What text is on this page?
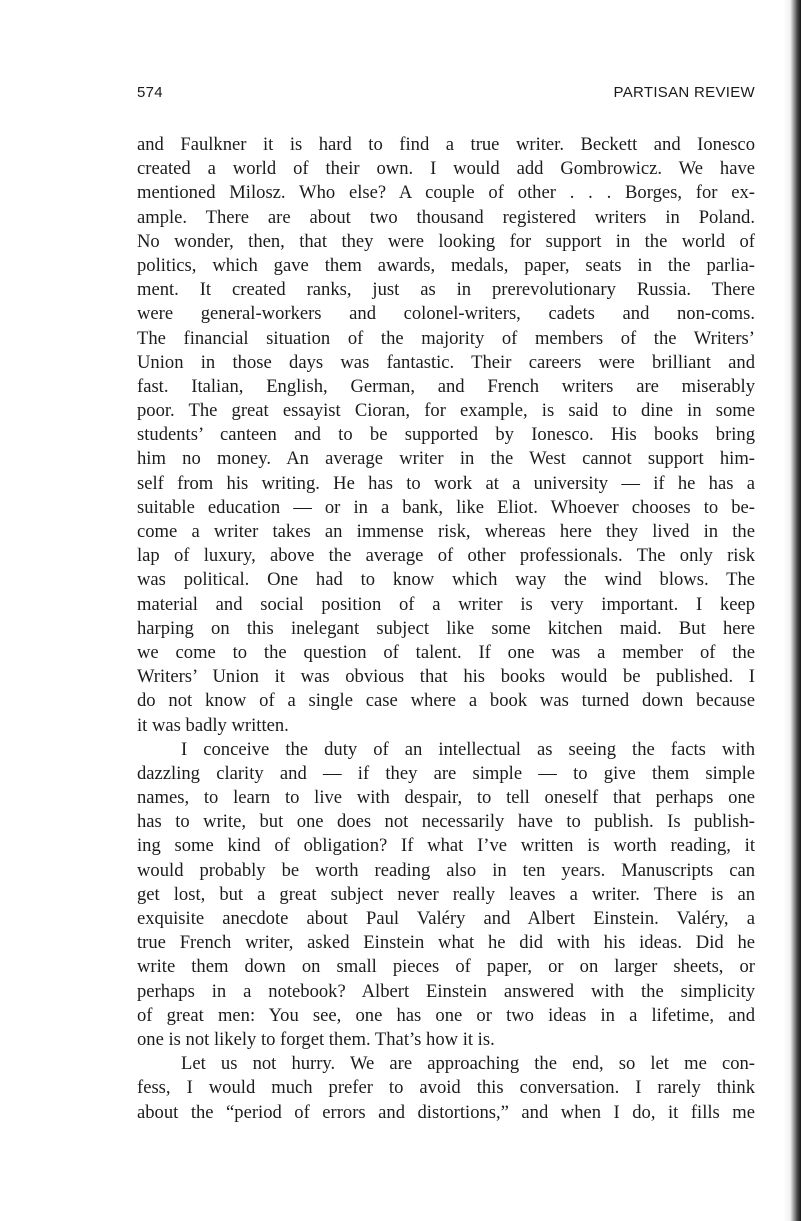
574	PARTISAN REVIEW
and Faulkner it is hard to find a true writer. Beckett and Ionesco
created a world of their own. I would add Gombrowicz. We have
mentioned Milosz. Who else? A couple of other . . . Borges, for ex-
ample. There are about two thousand registered writers in Poland.
No wonder, then, that they were looking for support in the world of
politics, which gave them awards, medals, paper, seats in the parlia-
ment. It created ranks, just as in prerevolutionary Russia. There
were general-workers and colonel-writers, cadets and non-coms.
The financial situation of the majority of members of the Writers’
Union in those days was fantastic. Their careers were brilliant and
fast. Italian, English, German, and French writers are miserably
poor. The great essayist Cioran, for example, is said to dine in some
students’ canteen and to be supported by Ionesco. His books bring
him no money. An average writer in the West cannot support him-
self from his writing. He has to work at a university — if he has a
suitable education — or in a bank, like Eliot. Whoever chooses to be-
come a writer takes an immense risk, whereas here they lived in the
lap of luxury, above the average of other professionals. The only risk
was political. One had to know which way the wind blows. The
material and social position of a writer is very important. I keep
harping on this inelegant subject like some kitchen maid. But here
we come to the question of talent. If one was a member of the
Writers’ Union it was obvious that his books would be published. I
do not know of a single case where a book was turned down because
it was badly written.
I conceive the duty of an intellectual as seeing the facts with
dazzling clarity and — if they are simple — to give them simple
names, to learn to live with despair, to tell oneself that perhaps one
has to write, but one does not necessarily have to publish. Is publish-
ing some kind of obligation? If what I’ve written is worth reading, it
would probably be worth reading also in ten years. Manuscripts can
get lost, but a great subject never really leaves a writer. There is an
exquisite anecdote about Paul Valéry and Albert Einstein. Valéry, a
true French writer, asked Einstein what he did with his ideas. Did he
write them down on small pieces of paper, or on larger sheets, or
perhaps in a notebook? Albert Einstein answered with the simplicity
of great men: You see, one has one or two ideas in a lifetime, and
one is not likely to forget them. That’s how it is.
Let us not hurry. We are approaching the end, so let me con-
fess, I would much prefer to avoid this conversation. I rarely think
about the “period of errors and distortions,” and when I do, it fills me
